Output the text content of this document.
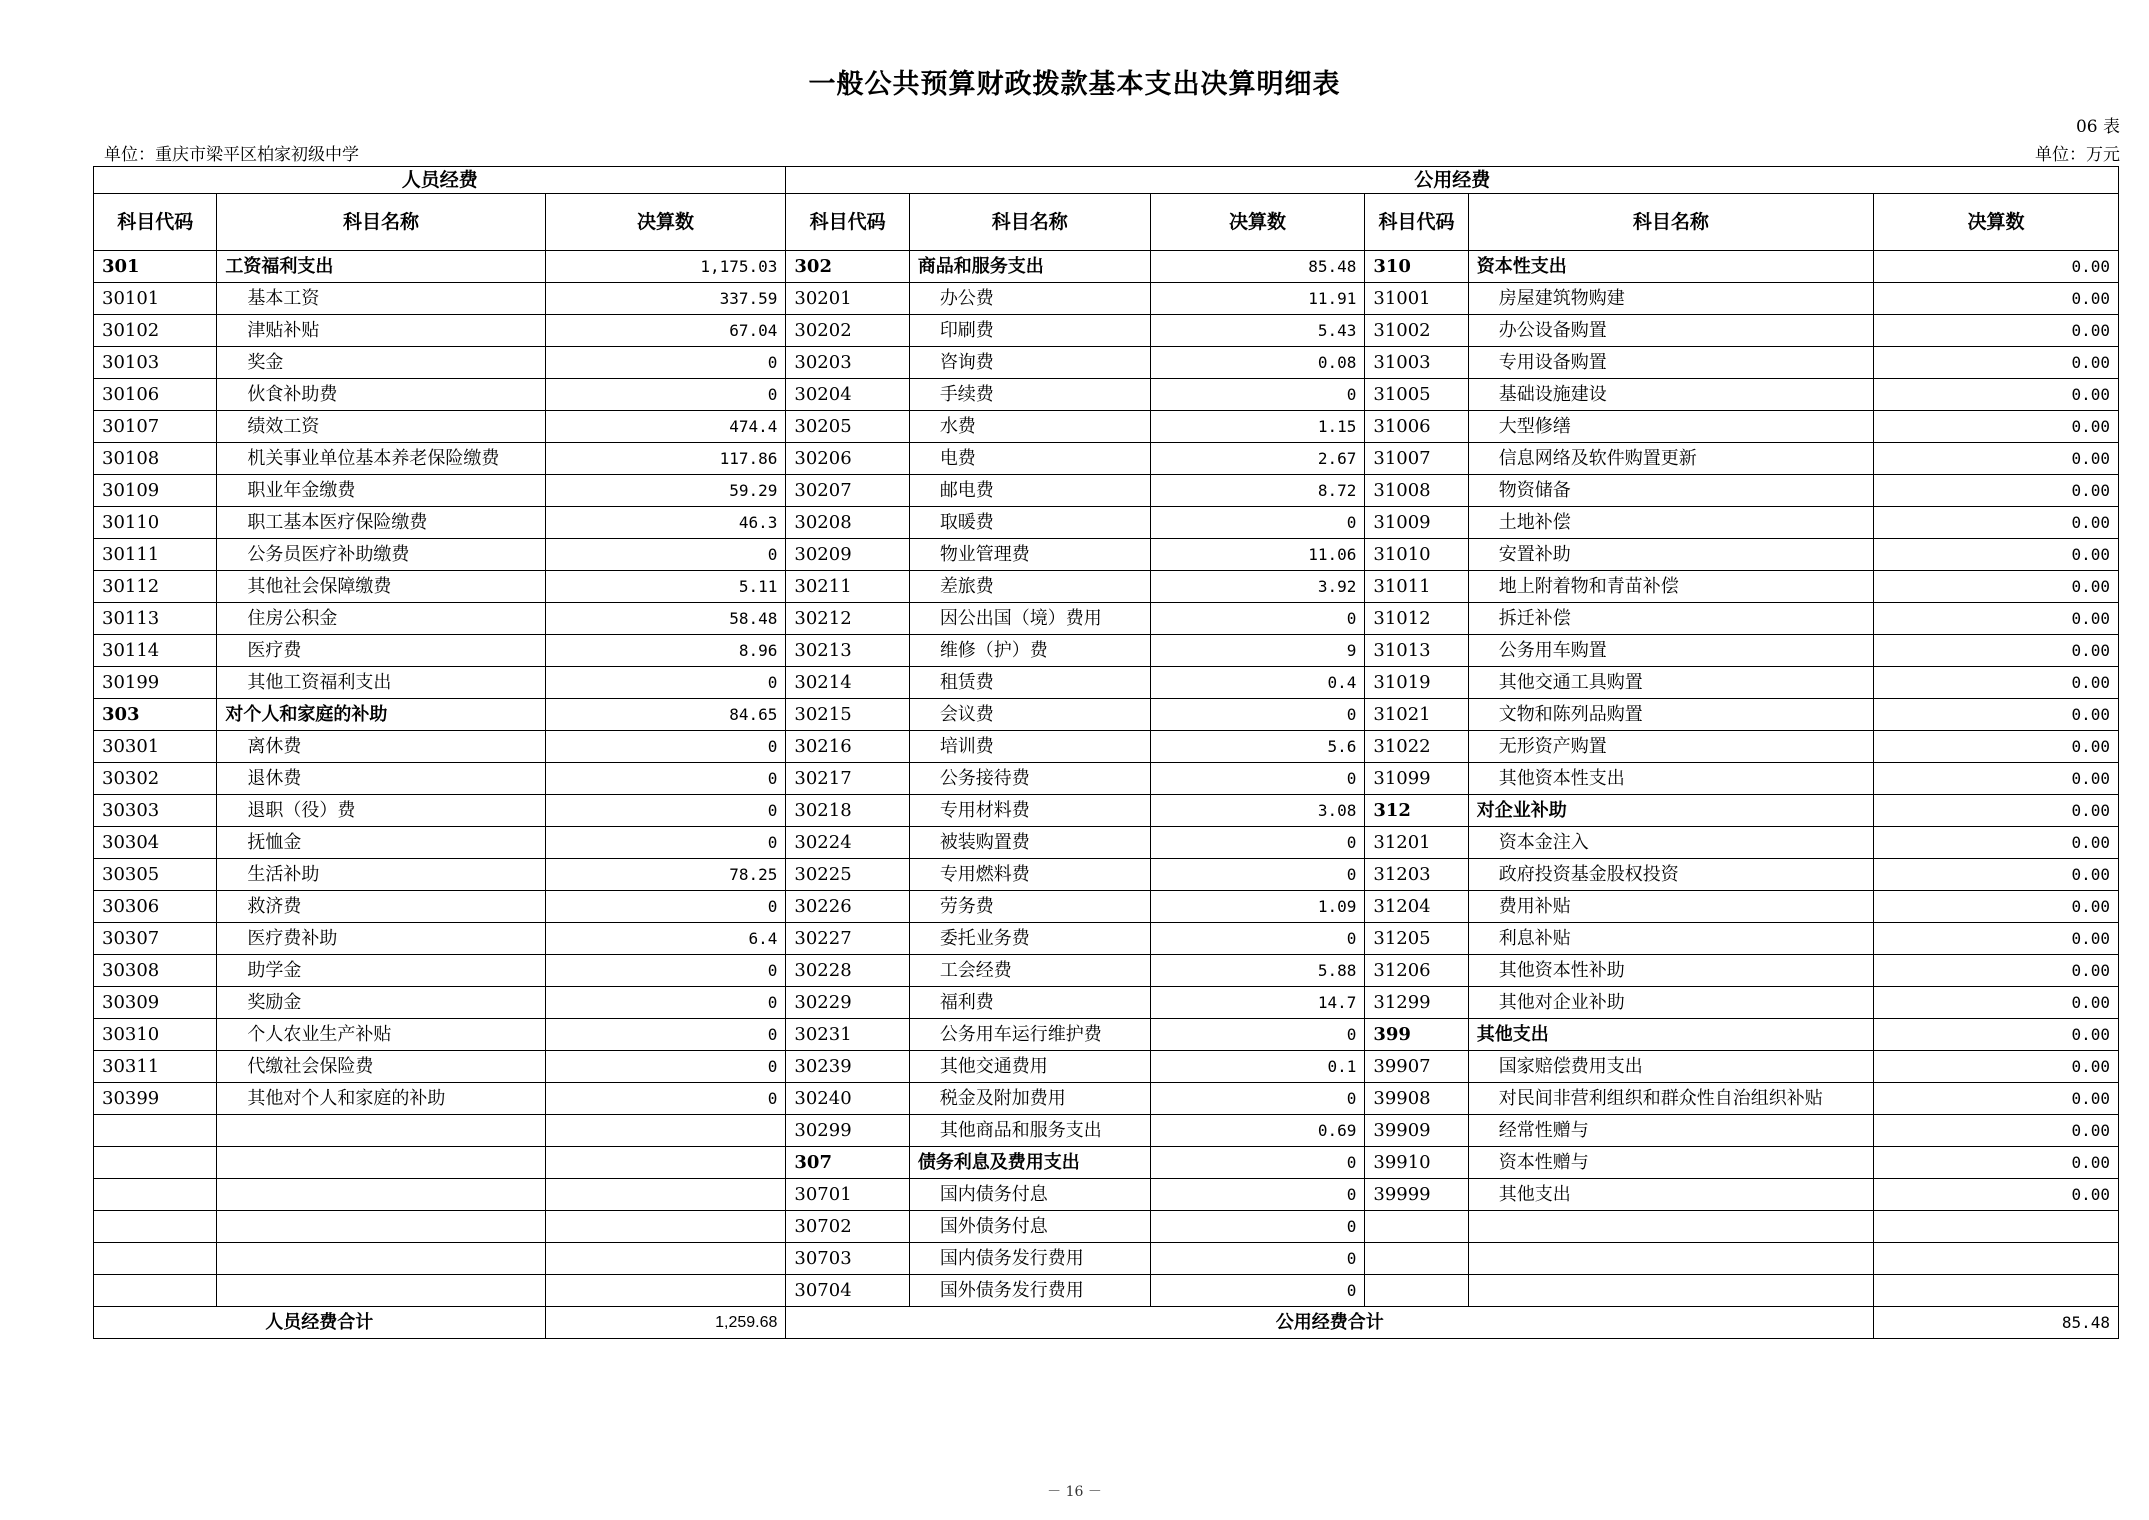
一般公共预算财政拨款基本支出决算明细表
06 表
单位：重庆市梁平区柏家初级中学	单位：万元
人员经费			公用经费					
科目代码	科目名称	决算数	科目代码	科目名称	决算数	科目代码	科目名称	决算数
301	工资福利支出	1,175.03	302	商品和服务支出	85.48	310	资本性支出	0.00
30101	基本工资	337.59	30201	办公费	11.91	31001	房屋建筑物购建	0.00
30102	津贴补贴	67.04	30202	印刷费	5.43	31002	办公设备购置	0.00
30103	奖金	0	30203	咨询费	0.08	31003	专用设备购置	0.00
30106	伙食补助费	0	30204	手续费	0	31005	基础设施建设	0.00
30107	绩效工资	474.4	30205	水费	1.15	31006	大型修缮	0.00
30108	机关事业单位基本养老保险缴费	117.86	30206	电费	2.67	31007	信息网络及软件购置更新	0.00
30109	职业年金缴费	59.29	30207	邮电费	8.72	31008	物资储备	0.00
30110	职工基本医疗保险缴费	46.3	30208	取暖费	0	31009	土地补偿	0.00
30111	公务员医疗补助缴费	0	30209	物业管理费	11.06	31010	安置补助	0.00
30112	其他社会保障缴费	5.11	30211	差旅费	3.92	31011	地上附着物和青苗补偿	0.00
30113	住房公积金	58.48	30212	因公出国（境）费用	0	31012	拆迁补偿	0.00
30114	医疗费	8.96	30213	维修（护）费	9	31013	公务用车购置	0.00
30199	其他工资福利支出	0	30214	租赁费	0.4	31019	其他交通工具购置	0.00
303	对个人和家庭的补助	84.65	30215	会议费	0	31021	文物和陈列品购置	0.00
30301	离休费	0	30216	培训费	5.6	31022	无形资产购置	0.00
30302	退休费	0	30217	公务接待费	0	31099	其他资本性支出	0.00
30303	退职（役）费	0	30218	专用材料费	3.08	312	对企业补助	0.00
30304	抚恤金	0	30224	被装购置费	0	31201	资本金注入	0.00
30305	生活补助	78.25	30225	专用燃料费	0	31203	政府投资基金股权投资	0.00
30306	救济费	0	30226	劳务费	1.09	31204	费用补贴	0.00
30307	医疗费补助	6.4	30227	委托业务费	0	31205	利息补贴	0.00
30308	助学金	0	30228	工会经费	5.88	31206	其他资本性补助	0.00
30309	奖励金	0	30229	福利费	14.7	31299	其他对企业补助	0.00
30310	个人农业生产补贴	0	30231	公务用车运行维护费	0	399	其他支出	0.00
30311	代缴社会保险费	0	30239	其他交通费用	0.1	39907	国家赔偿费用支出	0.00
30399	其他对个人和家庭的补助	0	30240	税金及附加费用	0	39908	对民间非营利组织和群众性自治组织补贴	0.00
			30299	其他商品和服务支出	0.69	39909	经常性赠与	0.00
			307	债务利息及费用支出	0	39910	资本性赠与	0.00
			30701	国内债务付息	0	39999	其他支出	0.00
			30702	国外债务付息	0			
			30703	国内债务发行费用	0			
			30704	国外债务发行费用	0			
人员经费合计		1,259.68	公用经费合计					85.48
－ 16 －
